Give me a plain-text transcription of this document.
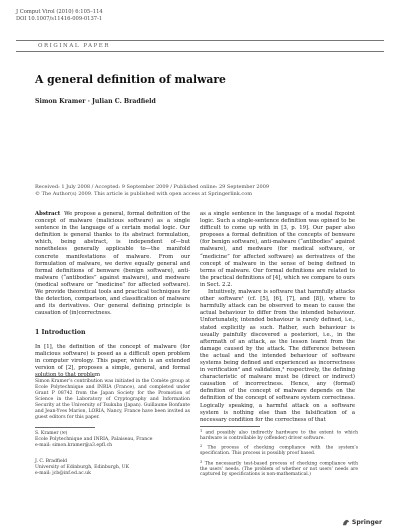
J Comput Virol (2010) 6:105–114
DOI 10.1007/s11416-009-0137-1
ORIGINAL PAPER
A general definition of malware
Simon Kramer · Julian C. Bradfield
Received: 1 July 2008 / Accepted: 9 September 2009 / Published online: 29 September 2009
© The Author(s) 2009. This article is published with open access at Springerlink.com

Abstract We propose a general, formal definition of the concept of malware (malicious software) as a single sentence in the language of a certain modal logic. Our definition is general thanks to its abstract formulation, which, being abstract, is independent of—but nonetheless generally applicable to—the manifold concrete manifestations of malware. From our formulation of malware, we derive equally general and formal definitions of benware (benign software), anti-malware (“antibodies” against malware), and medware (medical software or “medicine” for affected software). We provide theoretical tools and practical techniques for the detection, comparison, and classification of malware and its derivatives. Our general defining principle is causation of (in)correctness.

1 Introduction

In [1], the definition of the concept of malware (for malicious software) is posed as a difficult open problem in computer virology. This paper, which is an extended version of [2], proposes a simple, general, and formal solution to that problem

Simon Kramer’s contribution was initiated in the Comète group at Ecole Polytechnique and INRIA (France), and completed under Grant P 08742 from the Japan Society for the Promotion of Science in the Laboratory of Cryptography and Information Security at the University of Tsukuba (Japan). Guillaume Bonfante and Jean-Yves Marion, LORIA, Nancy, France have been invited as guest editors for this paper.
S. Kramer (✉)
Ecole Polytechnique and INRIA, Palaiseau, France
e-mail: simon.kramer@a3.epfl.ch
J. C. Bradfield
University of Edinburgh, Edinburgh, UK
e-mail: jcb@inf.ed.ac.uk

as a single sentence in the language of a modal fixpoint logic. Such a single-sentence definition was opined to be difficult to come up with in [3, p. 19]. Our paper also proposes a formal definition of the concepts of benware (for benign software), anti-malware (“antibodies” against malware), and medware (for medical software, or “medicine” for affected software) as derivatives of the concept of malware in the sense of being defined in terms of malware. Our formal definitions are related to the practical definitions of [4], which we compare to ours in Sect. 2.2.

Intuitively, malware is software that harmfully attacks other software¹ (cf. [5], [6], [7], and [8]), where to harmfully attack can be observed to mean to cause the actual behaviour to differ from the intended behaviour. Unfortunately, intended behaviour is rarely defined, i.e., stated explicitly as such. Rather, such behaviour is usually painfully discovered a posteriori, i.e., in the aftermath of an attack, as the lesson learnt from the damage caused by the attack. The difference between the actual and the intended behaviour of software systems being defined and experienced as incorrectness in verification² and validation,³ respectively, the defining characteristic of malware must be (direct or indirect) causation of incorrectness. Hence, any (formal) definition of the concept of malware depends on the definition of the concept of software system correctness. Logically speaking, a harmful attack on a software system is nothing else than the falsification of a necessary condition for the correctness of that

$^1$ and possibly also indirectly hardware to the extent to which hardware is controllable by (offender) driver software.

$^2$ The process of checking compliance with the system’s specification. This process is possibly proof based.

$^3$ The necessarily test-based process of checking compliance with the users’ needs. (The problem of whether or not users’ needs are captured by specifications is non-mathematical.)

Springer
